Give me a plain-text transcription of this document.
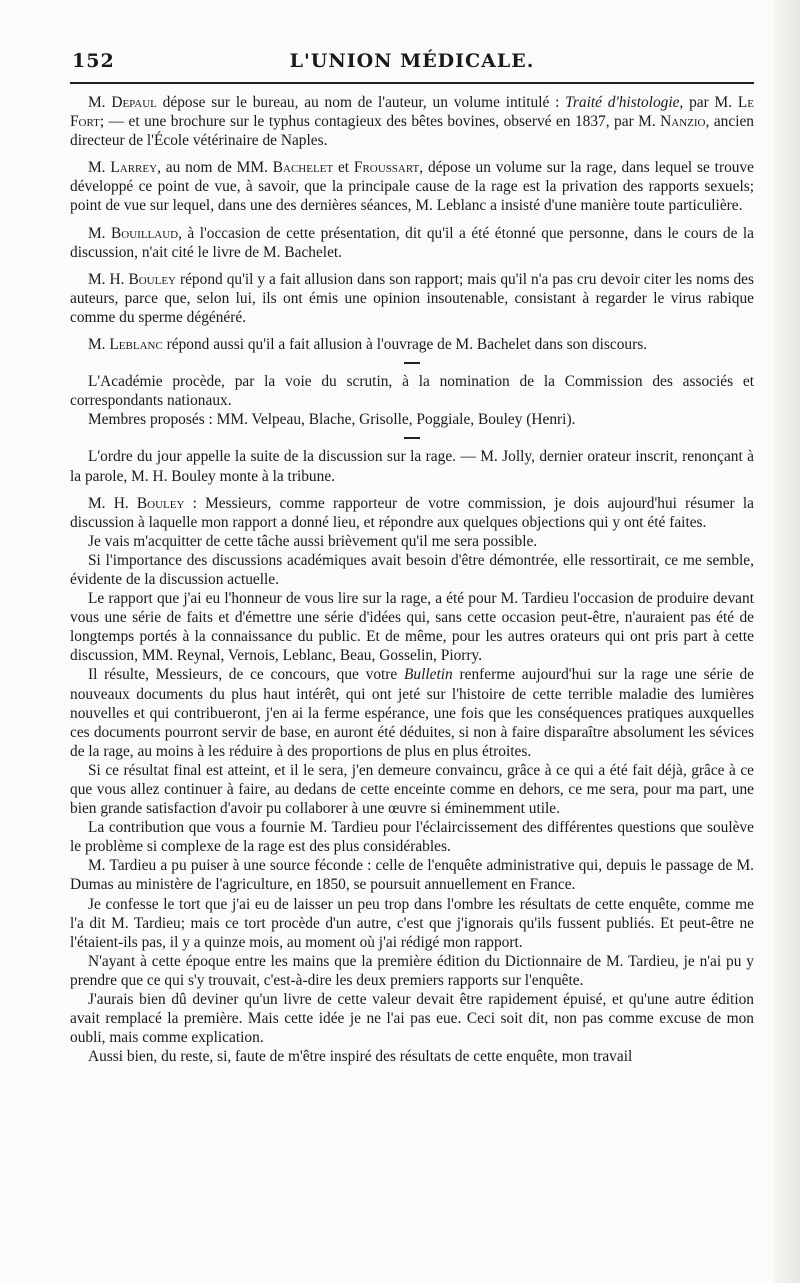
152	L'UNION MÉDICALE.

M. Depaul dépose sur le bureau, au nom de l'auteur, un volume intitulé : Traité d'histologie, par M. Le Fort; — et une brochure sur le typhus contagieux des bêtes bovines, observé en 1837, par M. Nanzio, ancien directeur de l'École vétérinaire de Naples.

M. Larrey, au nom de MM. Bachelet et Froussart, dépose un volume sur la rage, dans lequel se trouve développé ce point de vue, à savoir, que la principale cause de la rage est la privation des rapports sexuels; point de vue sur lequel, dans une des dernières séances, M. Leblanc a insisté d'une manière toute particulière.

M. Bouillaud, à l'occasion de cette présentation, dit qu'il a été étonné que personne, dans le cours de la discussion, n'ait cité le livre de M. Bachelet.

M. H. Bouley répond qu'il y a fait allusion dans son rapport; mais qu'il n'a pas cru devoir citer les noms des auteurs, parce que, selon lui, ils ont émis une opinion insoutenable, consistant à regarder le virus rabique comme du sperme dégénéré.

M. Leblanc répond aussi qu'il a fait allusion à l'ouvrage de M. Bachelet dans son discours.

L'Académie procède, par la voie du scrutin, à la nomination de la Commission des associés et correspondants nationaux.

Membres proposés : MM. Velpeau, Blache, Grisolle, Poggiale, Bouley (Henri).

L'ordre du jour appelle la suite de la discussion sur la rage. — M. Jolly, dernier orateur inscrit, renonçant à la parole, M. H. Bouley monte à la tribune.

M. H. Bouley : Messieurs, comme rapporteur de votre commission, je dois aujourd'hui résumer la discussion à laquelle mon rapport a donné lieu, et répondre aux quelques objections qui y ont été faites.

Je vais m'acquitter de cette tâche aussi brièvement qu'il me sera possible.

Si l'importance des discussions académiques avait besoin d'être démontrée, elle ressortirait, ce me semble, évidente de la discussion actuelle.

Le rapport que j'ai eu l'honneur de vous lire sur la rage, a été pour M. Tardieu l'occasion de produire devant vous une série de faits et d'émettre une série d'idées qui, sans cette occasion peut-être, n'auraient pas été de longtemps portés à la connaissance du public. Et de même, pour les autres orateurs qui ont pris part à cette discussion, MM. Reynal, Vernois, Leblanc, Beau, Gosselin, Piorry.

Il résulte, Messieurs, de ce concours, que votre Bulletin renferme aujourd'hui sur la rage une série de nouveaux documents du plus haut intérêt, qui ont jeté sur l'histoire de cette terrible maladie des lumières nouvelles et qui contribueront, j'en ai la ferme espérance, une fois que les conséquences pratiques auxquelles ces documents pourront servir de base, en auront été déduites, si non à faire disparaître absolument les sévices de la rage, au moins à les réduire à des proportions de plus en plus étroites.

Si ce résultat final est atteint, et il le sera, j'en demeure convaincu, grâce à ce qui a été fait déjà, grâce à ce que vous allez continuer à faire, au dedans de cette enceinte comme en dehors, ce me sera, pour ma part, une bien grande satisfaction d'avoir pu collaborer à une œuvre si éminemment utile.

La contribution que vous a fournie M. Tardieu pour l'éclaircissement des différentes questions que soulève le problème si complexe de la rage est des plus considérables.

M. Tardieu a pu puiser à une source féconde : celle de l'enquête administrative qui, depuis le passage de M. Dumas au ministère de l'agriculture, en 1850, se poursuit annuellement en France.

Je confesse le tort que j'ai eu de laisser un peu trop dans l'ombre les résultats de cette enquête, comme me l'a dit M. Tardieu; mais ce tort procède d'un autre, c'est que j'ignorais qu'ils fussent publiés. Et peut-être ne l'étaient-ils pas, il y a quinze mois, au moment où j'ai rédigé mon rapport.

N'ayant à cette époque entre les mains que la première édition du Dictionnaire de M. Tardieu, je n'ai pu y prendre que ce qui s'y trouvait, c'est-à-dire les deux premiers rapports sur l'enquête.

J'aurais bien dû deviner qu'un livre de cette valeur devait être rapidement épuisé, et qu'une autre édition avait remplacé la première. Mais cette idée je ne l'ai pas eue. Ceci soit dit, non pas comme excuse de mon oubli, mais comme explication.

Aussi bien, du reste, si, faute de m'être inspiré des résultats de cette enquête, mon travail
